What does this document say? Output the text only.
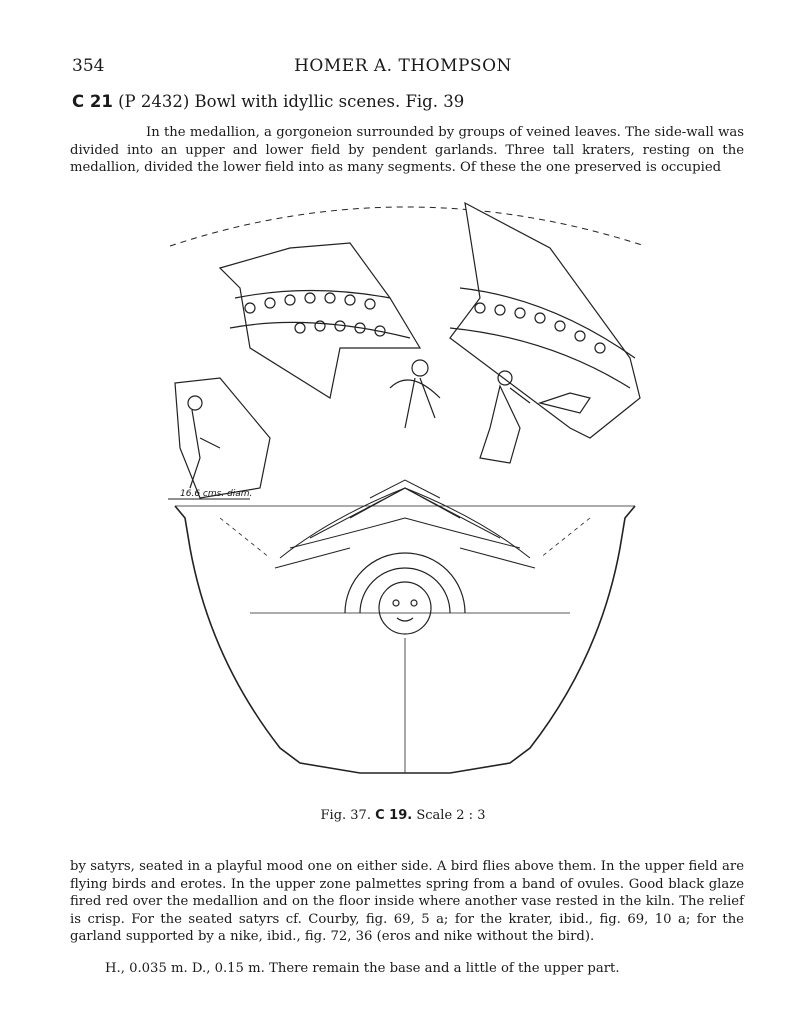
354	HOMER A. THOMPSON
C 21 (P 2432) Bowl with idyllic scenes. Fig. 39

In the medallion, a gorgoneion surrounded by groups of veined leaves. The side-wall was divided into an upper and lower field by pendent garlands. Three tall kraters, resting on the medallion, divided the lower field into as many segments. Of these the one preserved is occupied

16.6 cms. diam.
Fig. 37. C 19. Scale 2 : 3

by satyrs, seated in a playful mood one on either side. A bird flies above them. In the upper field are flying birds and erotes. In the upper zone palmettes spring from a band of ovules. Good black glaze fired red over the medallion and on the floor inside where another vase rested in the kiln. The relief is crisp. For the seated satyrs cf. Courby, fig. 69, 5 a; for the krater, ibid., fig. 69, 10 a; for the garland supported by a nike, ibid., fig. 72, 36 (eros and nike without the bird).

H., 0.035 m. D., 0.15 m. There remain the base and a little of the upper part.
